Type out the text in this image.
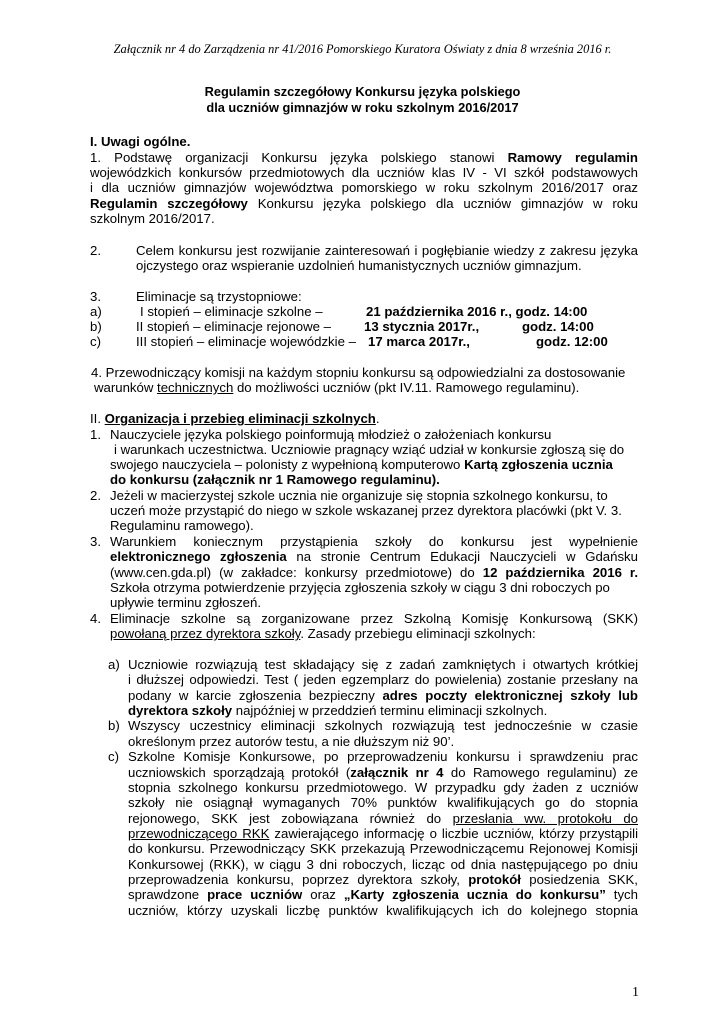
Załącznik nr 4 do Zarządzenia nr 41/2016 Pomorskiego Kuratora Oświaty z dnia 8 września 2016 r.
Regulamin szczegółowy Konkursu języka polskiego
dla uczniów gimnazjów w roku szkolnym 2016/2017
I. Uwagi ogólne.
1. Podstawę organizacji Konkursu języka polskiego stanowi Ramowy regulamin
wojewódzkich konkursów przedmiotowych dla uczniów klas IV - VI szkół podstawowych
i dla uczniów gimnazjów województwa pomorskiego w roku szkolnym 2016/2017 oraz
Regulamin szczegółowy Konkursu języka polskiego dla uczniów gimnazjów w roku
szkolnym 2016/2017.
2.	Celem konkursu jest rozwijanie zainteresowań i pogłębianie wiedzy z zakresu języka
ojczystego oraz wspieranie uzdolnień humanistycznych uczniów gimnazjum.
3.	Eliminacje są trzystopniowe:
a)	I stopień – eliminacje szkolne –	21 października 2016 r., godz. 14:00
b)	II stopień – eliminacje rejonowe –	13 stycznia 2017r.,	godz. 14:00
c)	III stopień – eliminacje wojewódzkie – 17 marca 2017r.,	godz. 12:00
4. Przewodniczący komisji na każdym stopniu konkursu są odpowiedzialni za dostosowanie
warunków technicznych do możliwości uczniów (pkt IV.11. Ramowego regulaminu).
II. Organizacja i przebieg eliminacji szkolnych.
1. Nauczyciele języka polskiego poinformują młodzież o założeniach konkursu
i warunkach uczestnictwa. Uczniowie pragnący wziąć udział w konkursie zgłoszą się do
swojego nauczyciela – polonisty z wypełnioną komputerowo Kartą zgłoszenia ucznia
do konkursu (załącznik nr 1 Ramowego regulaminu).
2. Jeżeli w macierzystej szkole ucznia nie organizuje się stopnia szkolnego konkursu, to
uczeń może przystąpić do niego w szkole wskazanej przez dyrektora placówki (pkt V. 3.
Regulaminu ramowego).
3. Warunkiem koniecznym przystąpienia szkoły do konkursu jest wypełnienie
elektronicznego zgłoszenia na stronie Centrum Edukacji Nauczycieli w Gdańsku
(www.cen.gda.pl) (w zakładce: konkursy przedmiotowe) do 12 października 2016 r.
Szkoła otrzyma potwierdzenie przyjęcia zgłoszenia szkoły w ciągu 3 dni roboczych po
upływie terminu zgłoszeń.
4. Eliminacje szkolne są zorganizowane przez Szkolną Komisję Konkursową (SKK)
powołaną przez dyrektora szkoły. Zasady przebiegu eliminacji szkolnych:
a) Uczniowie rozwiązują test składający się z zadań zamkniętych i otwartych krótkiej
i dłuższej odpowiedzi. Test ( jeden egzemplarz do powielenia) zostanie przesłany na
podany w karcie zgłoszenia bezpieczny adres poczty elektronicznej szkoły lub
dyrektora szkoły najpóźniej w przeddzień terminu eliminacji szkolnych.
b) Wszyscy uczestnicy eliminacji szkolnych rozwiązują test jednocześnie w czasie
określonym przez autorów testu, a nie dłuższym niż 90’.
c) Szkolne Komisje Konkursowe, po przeprowadzeniu konkursu i sprawdzeniu prac
uczniowskich sporządzają protokół (załącznik nr 4 do Ramowego regulaminu) ze
stopnia szkolnego konkursu przedmiotowego. W przypadku gdy żaden z uczniów
szkoły nie osiągnął wymaganych 70% punktów kwalifikujących go do stopnia
rejonowego, SKK jest zobowiązana również do przesłania ww. protokołu do
przewodniczącego RKK zawierającego informację o liczbie uczniów, którzy przystąpili
do konkursu. Przewodniczący SKK przekazują Przewodniczącemu Rejonowej Komisji
Konkursowej (RKK), w ciągu 3 dni roboczych, licząc od dnia następującego po dniu
przeprowadzenia konkursu, poprzez dyrektora szkoły, protokół posiedzenia SKK,
sprawdzone prace uczniów oraz „Karty zgłoszenia ucznia do konkursu” tych
uczniów, którzy uzyskali liczbę punktów kwalifikujących ich do kolejnego stopnia
1
